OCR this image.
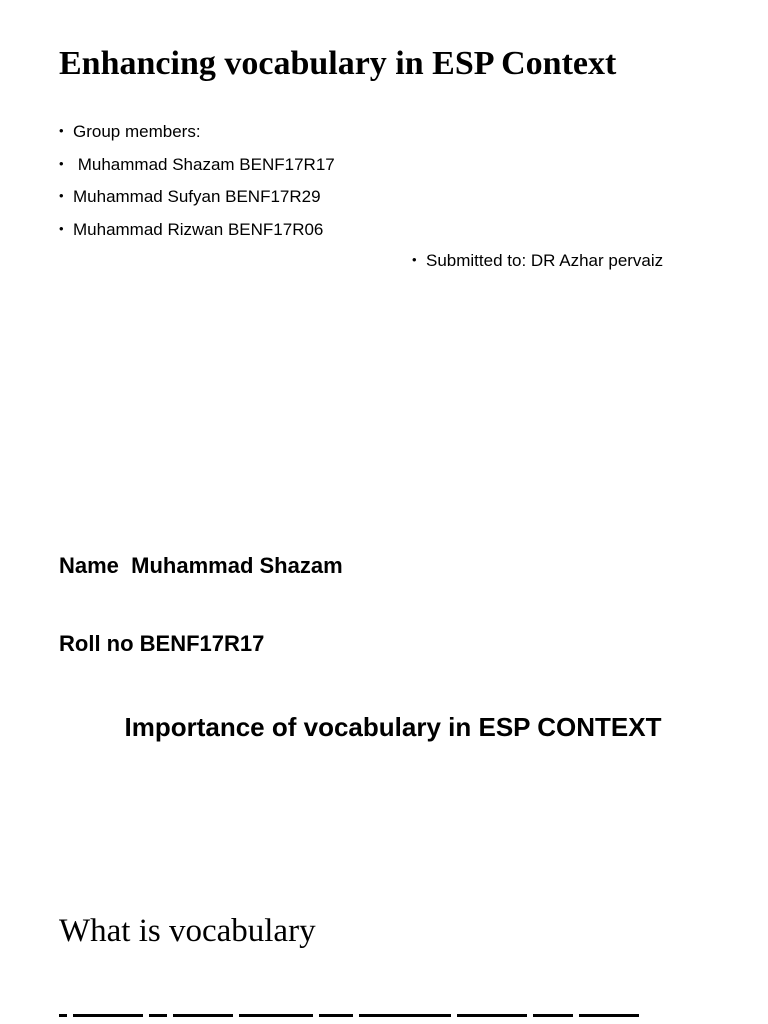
Enhancing vocabulary in ESP Context
• Group members:
• Muhammad Shazam BENF17R17
• Muhammad Sufyan BENF17R29
• Muhammad Rizwan BENF17R06
• Submitted to: DR Azhar pervaiz

Name  Muhammad Shazam

Roll no BENF17R17

Importance of vocabulary in ESP CONTEXT
What is vocabulary
